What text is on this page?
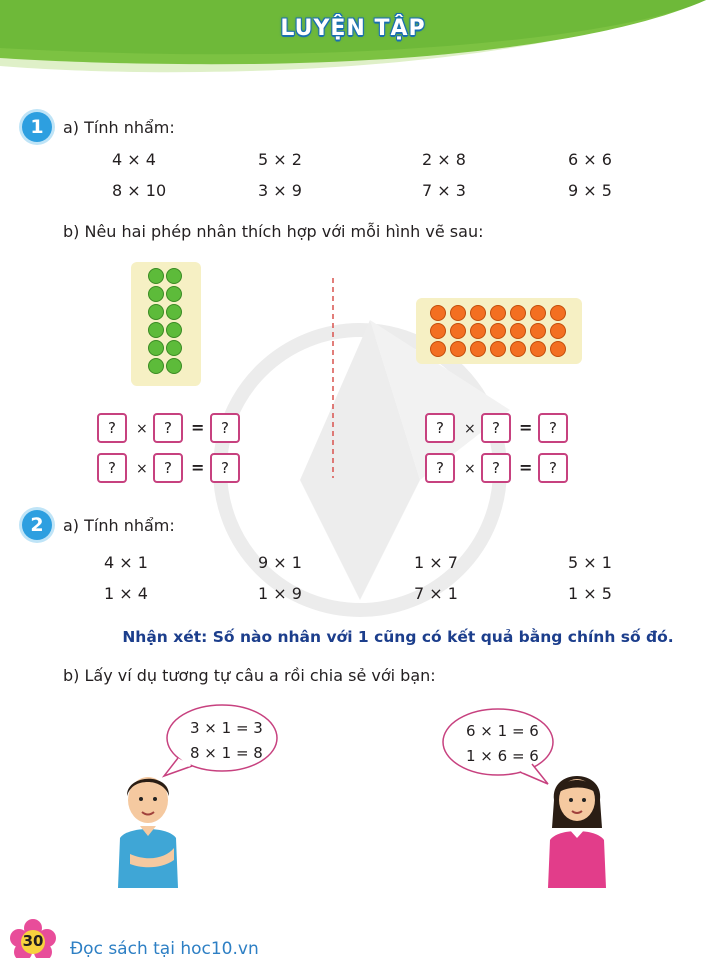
LUYỆN TẬP
1	a) Tính nhẩm:
4 × 4	5 × 2	2 × 8	6 × 6
8 × 10	3 × 9	7 × 3	9 × 5
b) Nêu hai phép nhân thích hợp với mỗi hình vẽ sau:
?	×	?	=	?
?	×	?	=	?
?	×	?	=	?
?	×	?	=	?
2	a) Tính nhẩm:
4 × 1	9 × 1	1 × 7	5 × 1
1 × 4	1 × 9	7 × 1	1 × 5
Nhận xét: Số nào nhân với 1 cũng có kết quả bằng chính số đó.
b) Lấy ví dụ tương tự câu a rồi chia sẻ với bạn:
3 × 1 = 3
8 × 1 = 8
6 × 1 = 6
1 × 6 = 6
30 Đọc sách tại hoc10.vn
